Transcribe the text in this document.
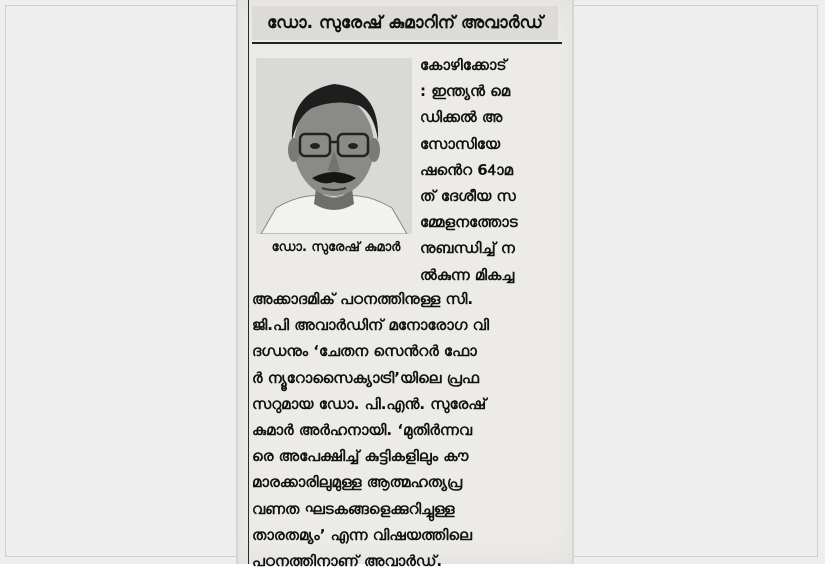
ഡോ. സുരേഷ് കുമാറിന് അവാർഡ്
ഡോ. സുരേഷ് കുമാർ
കോഴിക്കോട്
: ഇന്ത്യൻ മെ
ഡിക്കൽ അ
സോസിയേ
ഷൻെറ 64ാമ
ത് ദേശീയ സ
മ്മേളനത്തോട
നുബന്ധിച്ച് ന
ൽകുന്ന മികച്ച
അക്കാദമിക് പഠനത്തിനുള്ള സി.
ജി.പി അവാർഡിന് മനോരോഗ വി
ദഗ്ധനും ‘ചേതന സെൻറർ ഫോ
ർ ന്യൂറോസൈക്യാട്രി’യിലെ പ്രഫ
സറുമായ ഡോ. പി.എൻ. സുരേഷ്
കുമാർ അർഹനായി. ‘മുതിർന്നവ
രെ അപേക്ഷിച്ച് കുട്ടികളിലും കൗ
മാരക്കാരിലുമുള്ള ആത്മഹത്യപ്ര
വണത ഘടകങ്ങളെക്കുറിച്ചുള്ള
താരതമ്യം’ എന്ന വിഷയത്തിലെ
പഠനത്തിനാണ് അവാർഡ്.
